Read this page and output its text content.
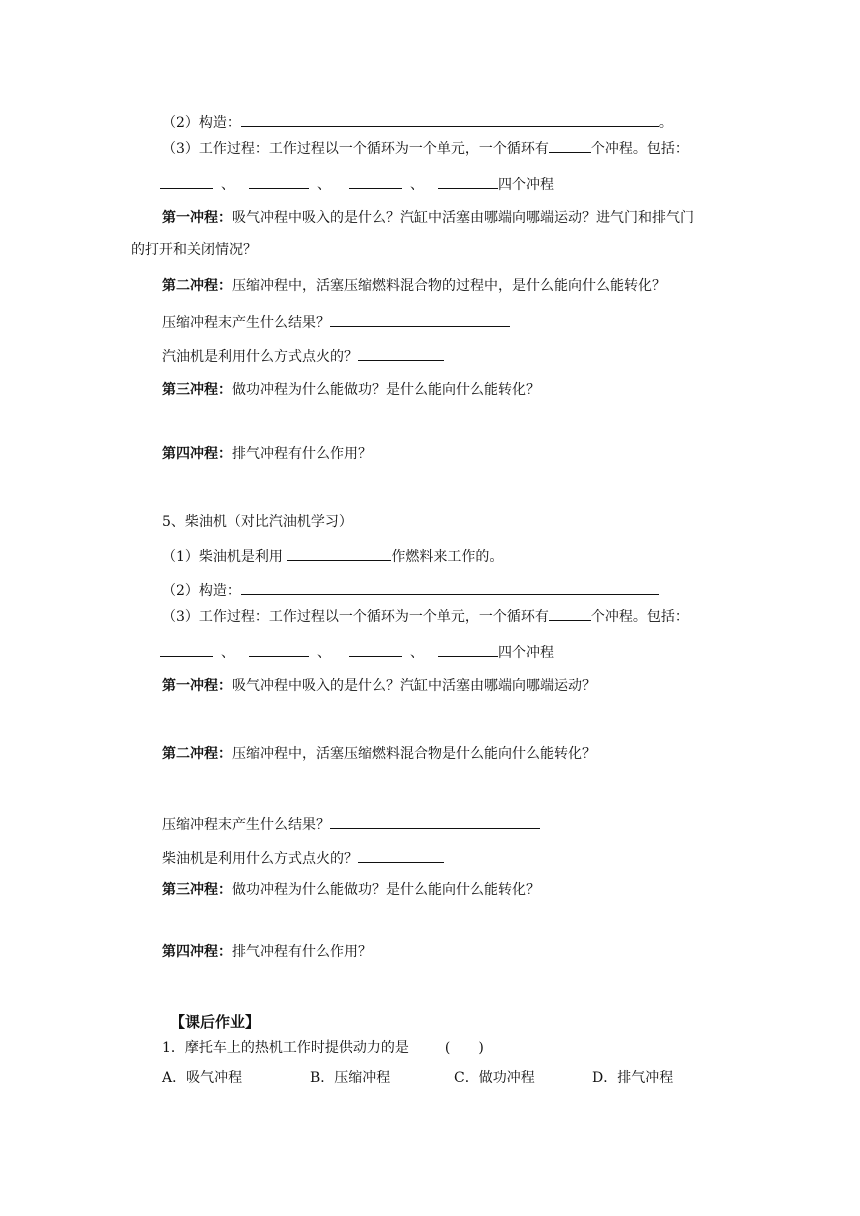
（2）构造：	。
（3）工作过程：工作过程以一个循环为一个单元，一个循环有	个冲程。包括：
、	、	、	四个冲程
第一冲程：吸气冲程中吸入的是什么？汽缸中活塞由哪端向哪端运动？进气门和排气门
的打开和关闭情况？
第二冲程：压缩冲程中，活塞压缩燃料混合物的过程中，是什么能向什么能转化？
压缩冲程末产生什么结果？
汽油机是利用什么方式点火的？
第三冲程：做功冲程为什么能做功？是什么能向什么能转化？
第四冲程：排气冲程有什么作用？
5、柴油机（对比汽油机学习）
（1）柴油机是利用	作燃料来工作的。
（2）构造：
（3）工作过程：工作过程以一个循环为一个单元，一个循环有	个冲程。包括：
、	、	、	四个冲程
第一冲程：吸气冲程中吸入的是什么？汽缸中活塞由哪端向哪端运动？
第二冲程：压缩冲程中，活塞压缩燃料混合物是什么能向什么能转化？
压缩冲程末产生什么结果？
柴油机是利用什么方式点火的？
第三冲程：做功冲程为什么能做功？是什么能向什么能转化？
第四冲程：排气冲程有什么作用？
【课后作业】
1．摩托车上的热机工作时提供动力的是	(　　)
A．吸气冲程	B．压缩冲程	C．做功冲程	D．排气冲程
